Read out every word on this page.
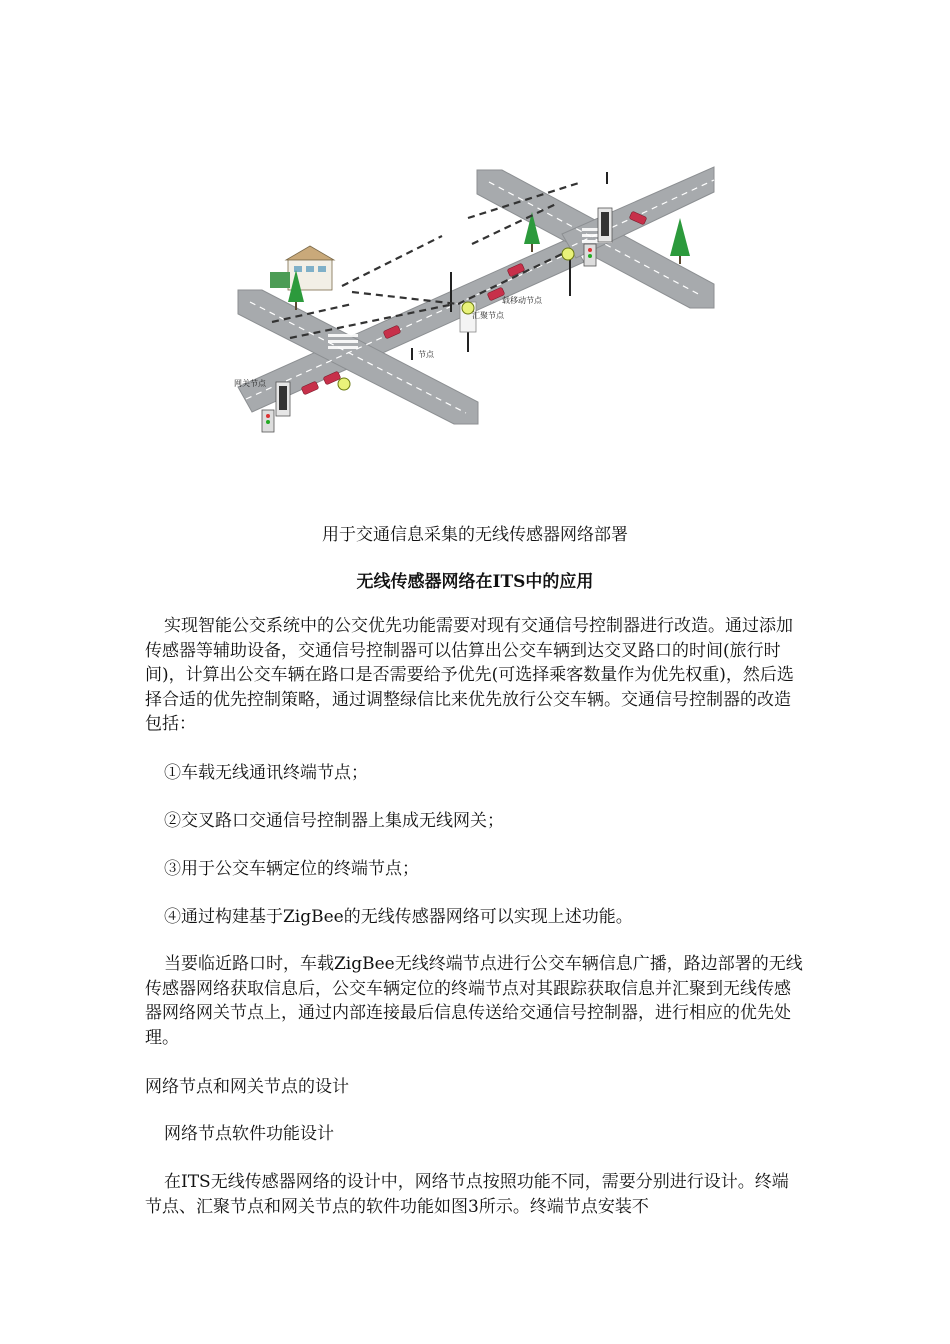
载移动节点
汇聚节点
节点
网关节点
用于交通信息采集的无线传感器网络部署
无线传感器网络在ITS中的应用
实现智能公交系统中的公交优先功能需要对现有交通信号控制器进行改造。通过添加传感器等辅助设备，交通信号控制器可以估算出公交车辆到达交叉路口的时间(旅行时间)，计算出公交车辆在路口是否需要给予优先(可选择乘客数量作为优先权重)，然后选择合适的优先控制策略，通过调整绿信比来优先放行公交车辆。交通信号控制器的改造包括：
①车载无线通讯终端节点；
②交叉路口交通信号控制器上集成无线网关；
③用于公交车辆定位的终端节点；
④通过构建基于ZigBee的无线传感器网络可以实现上述功能。
当要临近路口时，车载ZigBee无线终端节点进行公交车辆信息广播，路边部署的无线传感器网络获取信息后，公交车辆定位的终端节点对其跟踪获取信息并汇聚到无线传感器网络网关节点上，通过内部连接最后信息传送给交通信号控制器，进行相应的优先处理。
网络节点和网关节点的设计
网络节点软件功能设计
在ITS无线传感器网络的设计中，网络节点按照功能不同，需要分别进行设计。终端节点、汇聚节点和网关节点的软件功能如图3所示。终端节点安装不
